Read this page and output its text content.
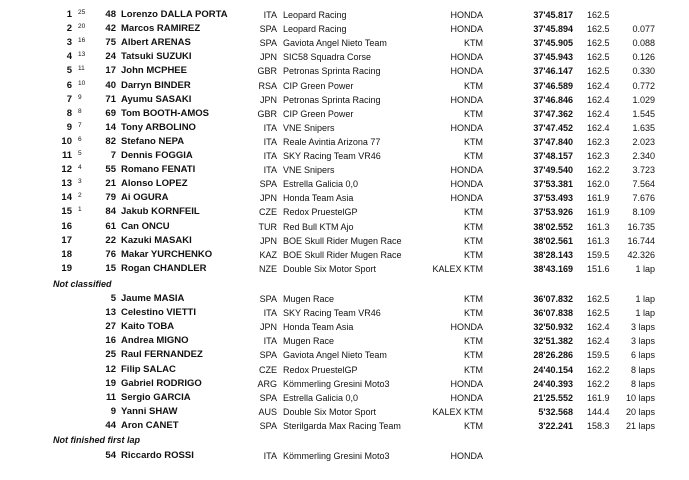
1 25	48 Lorenzo DALLA PORTA	ITA Leopard Racing	HONDA	37'45.817 162.5
2 20	42 Marcos RAMIREZ	SPA Leopard Racing	HONDA	37'45.894 162.5	0.077
3 16	75 Albert ARENAS	SPA Gaviota Angel Nieto Team	KTM	37'45.905 162.5	0.088
4 13	24 Tatsuki SUZUKI	JPN SIC58 Squadra Corse	HONDA	37'45.943 162.5	0.126
5 11	17 John MCPHEE	GBR Petronas Sprinta Racing	HONDA	37'46.147 162.5	0.330
6 10	40 Darryn BINDER	RSA CIP Green Power	KTM	37'46.589 162.4	0.772
7 9	71 Ayumu SASAKI	JPN Petronas Sprinta Racing	HONDA	37'46.846 162.4	1.029
8 8	69 Tom BOOTH-AMOS	GBR CIP Green Power	KTM	37'47.362 162.4	1.545
9 7	14 Tony ARBOLINO	ITA VNE Snipers	HONDA	37'47.452 162.4	1.635
10 6	82 Stefano NEPA	ITA Reale Avintia Arizona 77	KTM	37'47.840 162.3	2.023
11 5	7 Dennis FOGGIA	ITA SKY Racing Team VR46	KTM	37'48.157 162.3	2.340
12 4	55 Romano FENATI	ITA VNE Snipers	HONDA	37'49.540 162.2	3.723
13 3	21 Alonso LOPEZ	SPA Estrella Galicia 0,0	HONDA	37'53.381 162.0	7.564
14 2	79 Ai OGURA	JPN Honda Team Asia	HONDA	37'53.493 161.9	7.676
15 1	84 Jakub KORNFEIL	CZE Redox PruestelGP	KTM	37'53.926 161.9	8.109
16	61 Can ONCU	TUR Red Bull KTM Ajo	KTM	38'02.552 161.3	16.735
17	22 Kazuki MASAKI	JPN BOE Skull Rider Mugen Race	KTM	38'02.561 161.3	16.744
18	76 Makar YURCHENKO	KAZ BOE Skull Rider Mugen Race	KTM	38'28.143 159.5	42.326
19	15 Rogan CHANDLER	NZE Double Six Motor Sport	KALEX KTM	38'43.169 151.6	1 lap
Not classified
5 Jaume MASIA	SPA Mugen Race	KTM	36'07.832 162.5	1 lap
13 Celestino VIETTI	ITA SKY Racing Team VR46	KTM	36'07.838 162.5	1 lap
27 Kaito TOBA	JPN Honda Team Asia	HONDA	32'50.932 162.4	3 laps
16 Andrea MIGNO	ITA Mugen Race	KTM	32'51.382 162.4	3 laps
25 Raul FERNANDEZ	SPA Gaviota Angel Nieto Team	KTM	28'26.286 159.5	6 laps
12 Filip SALAC	CZE Redox PruestelGP	KTM	24'40.154 162.2	8 laps
19 Gabriel RODRIGO	ARG Kömmerling Gresini Moto3	HONDA	24'40.393 162.2	8 laps
11 Sergio GARCIA	SPA Estrella Galicia 0,0	HONDA	21'25.552 161.9	10 laps
9 Yanni SHAW	AUS Double Six Motor Sport	KALEX KTM	5'32.568 144.4	20 laps
44 Aron CANET	SPA Sterilgarda Max Racing Team	KTM	3'22.241 158.3	21 laps
Not finished first lap
54 Riccardo ROSSI	ITA Kömmerling Gresini Moto3	HONDA
